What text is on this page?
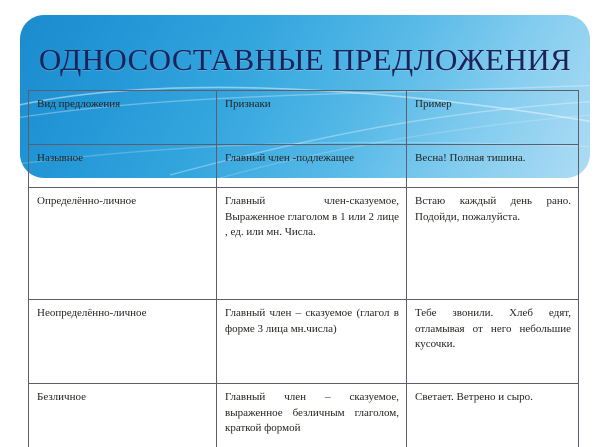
ОДНОСОСТАВНЫЕ ПРЕДЛОЖЕНИЯ
Вид предложения	Признаки	Пример
Назывное	Главный член -подлежащее	Весна! Полная тишина.
Определённо-личное	Главный член-сказуемое, Выраженное глаголом в 1 или 2 лице , ед. или мн. Числа.	Встаю каждый день рано. Подойди, пожалуйста.
Неопределённо-личное	Главный член – сказуемое (глагол в форме 3 лица мн.числа)	Тебе звонили. Хлеб едят, отламывая от него небольшие кусочки.
Безличное	Главный член – сказуемое, выраженное безличным глаголом, краткой формой	Светает. Ветрено и сыро.
